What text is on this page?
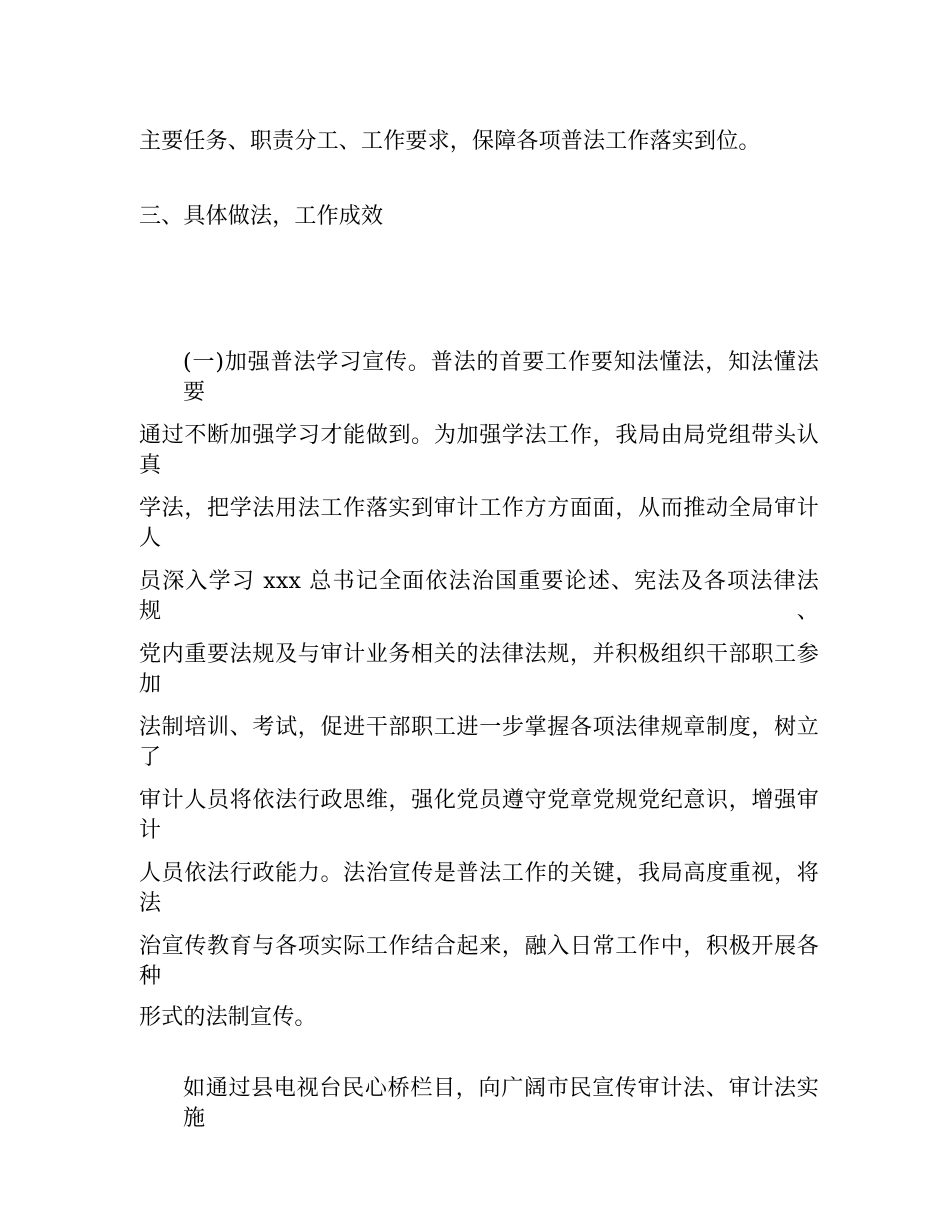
主要任务、职责分工、工作要求，保障各项普法工作落实到位。
三、具体做法，工作成效
(一)加强普法学习宣传。普法的首要工作要知法懂法，知法懂法要
通过不断加强学习才能做到。为加强学法工作，我局由局党组带头认真
学法，把学法用法工作落实到审计工作方方面面，从而推动全局审计人
员深入学习 xxx 总书记全面依法治国重要论述、宪法及各项法律法规、
党内重要法规及与审计业务相关的法律法规，并积极组织干部职工参加
法制培训、考试，促进干部职工进一步掌握各项法律规章制度，树立了
审计人员将依法行政思维，强化党员遵守党章党规党纪意识，增强审计
人员依法行政能力。法治宣传是普法工作的关键，我局高度重视，将法
治宣传教育与各项实际工作结合起来，融入日常工作中，积极开展各种
形式的法制宣传。
如通过县电视台民心桥栏目，向广阔市民宣传审计法、审计法实施
